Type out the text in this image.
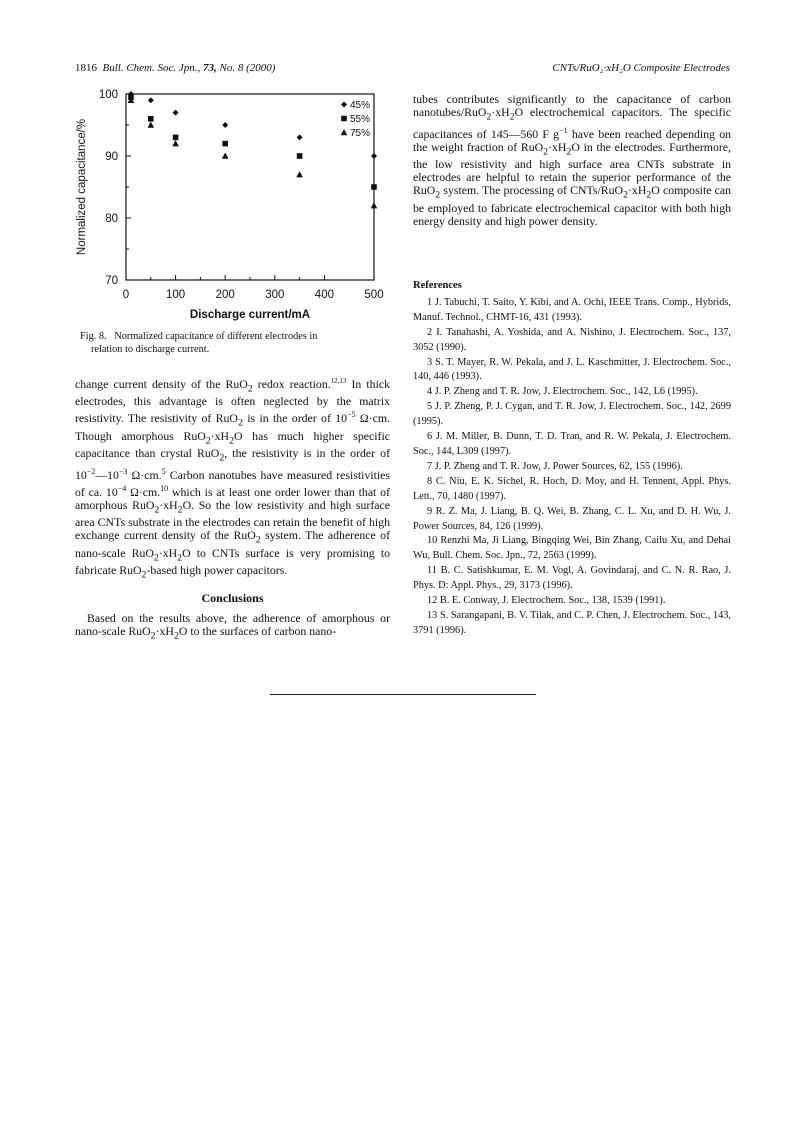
1816 Bull. Chem. Soc. Jpn., 73, No. 8 (2000)	CNTs/RuO₂·xH₂O Composite Electrodes
0	100	200	300	400	500
70
80
90
100
45%
55%
75%
Discharge current/mA
Normalized capacitance/%
Fig. 8. Normalized capacitance of different electrodes in
relation to discharge current.

change current density of the RuO$_2$ redox reaction.$^{12,13}$ In thick electrodes, this advantage is often neglected by the matrix resistivity. The resistivity of RuO$_2$ is in the order of $10^{-5}$ Ω·cm. Though amorphous $RuO_2\cdot xH_2O$ has much higher specific capacitance than crystal RuO$_2$, the resistivity is in the order of $10^{-2}—10^{-3}$ Ω·cm.$^5$ Carbon nanotubes have measured resistivities of ca. $10^{-4}$ Ω·cm.$^{10}$ which is at least one order lower than that of amorphous $RuO_2\cdot xH_2O$. So the low resistivity and high surface area CNTs substrate in the electrodes can retain the benefit of high exchange current density of the RuO$_2$ system. The adherence of nano-scale $RuO_2\cdot xH_2O$ to CNTs surface is very promising to fabricate RuO$_2$-based high power capacitors.

Conclusions

Based on the results above, the adherence of amorphous or nano-scale $RuO_2\cdot xH_2O$ to the surfaces of carbon nano-

tubes contributes significantly to the capacitance of carbon nanotubes/$RuO_2\cdot xH_2O$ electrochemical capacitors. The specific capacitances of 145—560 F $g^{-1}$ have been reached depending on the weight fraction of $RuO_2\cdot xH_2O$ in the electrodes. Furthermore, the low resistivity and high surface area CNTs substrate in electrodes are helpful to retain the superior performance of the RuO$_2$ system. The processing of CNTs/$RuO_2\cdot xH_2O$ composite can be employed to fabricate electrochemical capacitor with both high energy density and high power density.

References
1 J. Tabuchi, T. Saito, Y. Kibi, and A. Ochi, IEEE Trans. Comp., Hybrids, Manuf. Technol., CHMT-16, 431 (1993).
2 I. Tanahashi, A. Yoshida, and A. Nishino, J. Electrochem. Soc., 137, 3052 (1990).
3 S. T. Mayer, R. W. Pekala, and J. L. Kaschmitter, J. Electrochem. Soc., 140, 446 (1993).
4 J. P. Zheng and T. R. Jow, J. Electrochem. Soc., 142, L6 (1995).
5 J. P. Zheng, P. J. Cygan, and T. R. Jow, J. Electrochem. Soc., 142, 2699 (1995).
6 J. M. Miller, B. Dunn, T. D. Tran, and R. W. Pekala, J. Electrochem. Soc., 144, L309 (1997).
7 J. P. Zheng and T. R. Jow, J. Power Sources, 62, 155 (1996).
8 C. Niu, E. K. Sichel, R. Hoch, D. Moy, and H. Tennent, Appl. Phys. Lett., 70, 1480 (1997).
9 R. Z. Ma, J. Liang, B. Q. Wei, B. Zhang, C. L. Xu, and D. H. Wu, J. Power Sources, 84, 126 (1999).
10 Renzhi Ma, Ji Liang, Bingqing Wei, Bin Zhang, Cailu Xu, and Dehai Wu, Bull. Chem. Soc. Jpn., 72, 2563 (1999).
11 B. C. Satishkumar, E. M. Vogl, A. Govindaraj, and C. N. R. Rao, J. Phys. D: Appl. Phys., 29, 3173 (1996).
12 B. E. Conway, J. Electrochem. Soc., 138, 1539 (1991).
13 S. Sarangapani, B. V. Tilak, and C. P. Chen, J. Electrochem. Soc., 143, 3791 (1996).
